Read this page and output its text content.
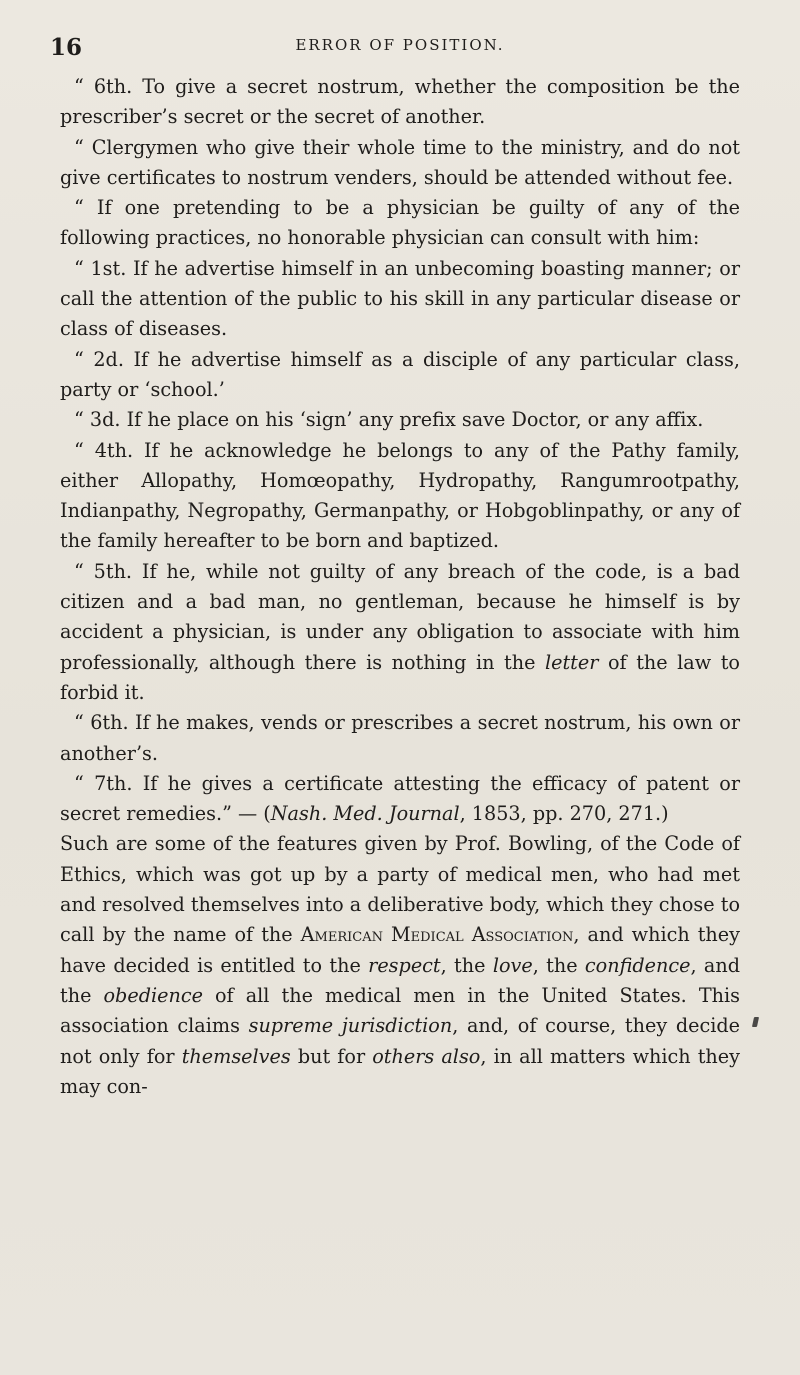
16	ERROR OF POSITION.

“ 6th. To give a secret nostrum, whether the composition be the prescriber’s secret or the secret of another.

“ Clergymen who give their whole time to the ministry, and do not give certificates to nostrum venders, should be attended without fee.

“ If one pretending to be a physician be guilty of any of the following practices, no honorable physician can consult with him:

“ 1st. If he advertise himself in an unbecoming boasting manner; or call the attention of the public to his skill in any particular disease or class of diseases.

“ 2d. If he advertise himself as a disciple of any particular class, party or ‘school.’

“ 3d. If he place on his ‘sign’ any prefix save Doctor, or any affix.

“ 4th. If he acknowledge he belongs to any of the Pathy family, either Allopathy, Homœopathy, Hydropathy, Rangumrootpathy, Indianpathy, Negropathy, Germanpathy, or Hobgoblinpathy, or any of the family hereafter to be born and baptized.

“ 5th. If he, while not guilty of any breach of the code, is a bad citizen and a bad man, no gentleman, because he himself is by accident a physician, is under any obligation to associate with him professionally, although there is nothing in the letter of the law to forbid it.

“ 6th. If he makes, vends or prescribes a secret nostrum, his own or another’s.

“ 7th. If he gives a certificate attesting the efficacy of patent or secret remedies.” — (Nash. Med. Journal, 1853, pp. 270, 271.)

Such are some of the features given by Prof. Bowling, of the Code of Ethics, which was got up by a party of medical men, who had met and resolved themselves into a deliberative body, which they chose to call by the name of the American Medical Association, and which they have decided is entitled to the respect, the love, the confidence, and the obedience of all the medical men in the United States. This association claims supreme jurisdiction, and, of course, they decide not only for themselves but for others also, in all matters which they may con-
